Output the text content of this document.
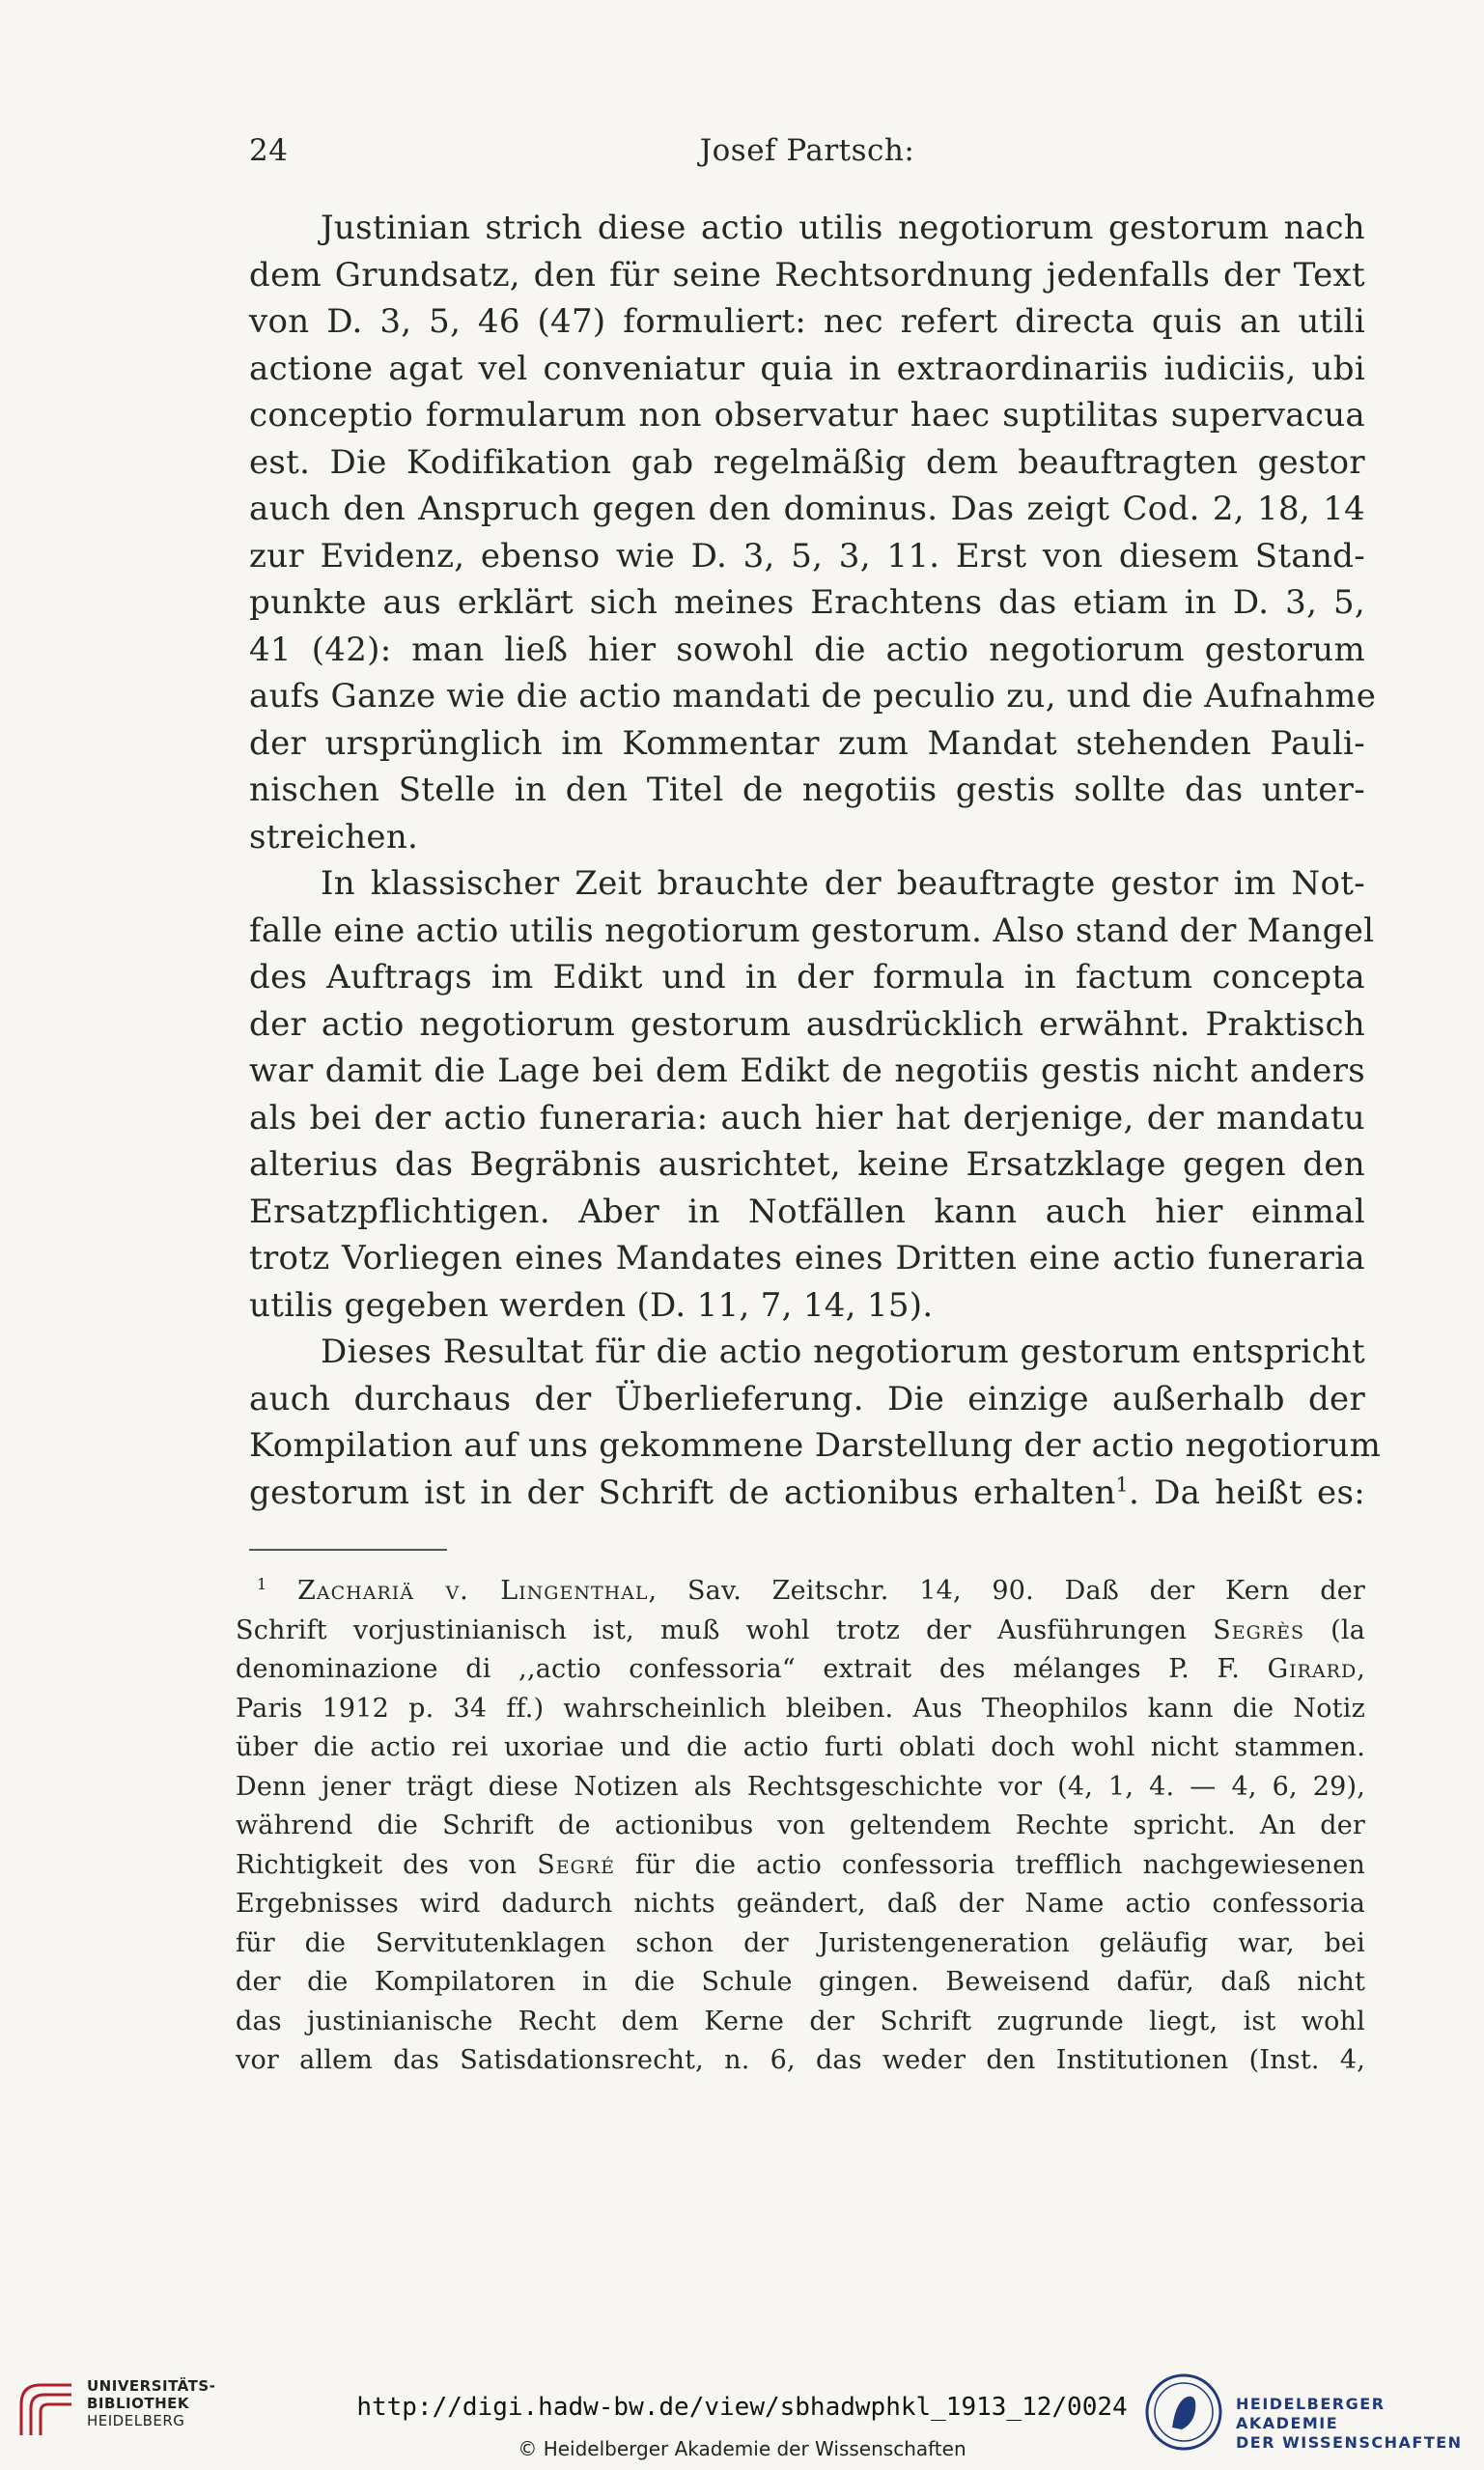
24	Josef Partsch:
Justinian strich diese actio utilis negotiorum gestorum nach
dem Grundsatz, den für seine Rechtsordnung jedenfalls der Text
von D. 3, 5, 46 (47) formuliert: nec refert directa quis an utili
actione agat vel conveniatur quia in extraordinariis iudiciis, ubi
conceptio formularum non observatur haec suptilitas supervacua
est. Die Kodifikation gab regelmäßig dem beauftragten gestor
auch den Anspruch gegen den dominus. Das zeigt Cod. 2, 18, 14
zur Evidenz, ebenso wie D. 3, 5, 3, 11. Erst von diesem Stand-
punkte aus erklärt sich meines Erachtens das etiam in D. 3, 5,
41 (42): man ließ hier sowohl die actio negotiorum gestorum
aufs Ganze wie die actio mandati de peculio zu, und die Aufnahme
der ursprünglich im Kommentar zum Mandat stehenden Pauli-
nischen Stelle in den Titel de negotiis gestis sollte das unter-
streichen.
In klassischer Zeit brauchte der beauftragte gestor im Not-
falle eine actio utilis negotiorum gestorum. Also stand der Mangel
des Auftrags im Edikt und in der formula in factum concepta
der actio negotiorum gestorum ausdrücklich erwähnt. Praktisch
war damit die Lage bei dem Edikt de negotiis gestis nicht anders
als bei der actio funeraria: auch hier hat derjenige, der mandatu
alterius das Begräbnis ausrichtet, keine Ersatzklage gegen den
Ersatzpflichtigen. Aber in Notfällen kann auch hier einmal
trotz Vorliegen eines Mandates eines Dritten eine actio funeraria
utilis gegeben werden (D. 11, 7, 14, 15).
Dieses Resultat für die actio negotiorum gestorum entspricht
auch durchaus der Überlieferung. Die einzige außerhalb der
Kompilation auf uns gekommene Darstellung der actio negotiorum
gestorum ist in der Schrift de actionibus erhalten$^1$. Da heißt es:
$^1$ Zachariä v. Lingenthal, Sav. Zeitschr. 14, 90. Daß der Kern der
Schrift vorjustinianisch ist, muß wohl trotz der Ausführungen Segrès (la
denominazione di ,,actio confessoria“ extrait des mélanges P. F. Girard,
Paris 1912 p. 34 ff.) wahrscheinlich bleiben. Aus Theophilos kann die Notiz
über die actio rei uxoriae und die actio furti oblati doch wohl nicht stammen.
Denn jener trägt diese Notizen als Rechtsgeschichte vor (4, 1, 4. — 4, 6, 29),
während die Schrift de actionibus von geltendem Rechte spricht. An der
Richtigkeit des von Segré für die actio confessoria trefflich nachgewiesenen
Ergebnisses wird dadurch nichts geändert, daß der Name actio confessoria
für die Servitutenklagen schon der Juristengeneration geläufig war, bei
der die Kompilatoren in die Schule gingen. Beweisend dafür, daß nicht
das justinianische Recht dem Kerne der Schrift zugrunde liegt, ist wohl
vor allem das Satisdationsrecht, n. 6, das weder den Institutionen (Inst. 4,
UNIVERSITÄTS-
BIBLIOTHEK
HEIDELBERG	http://digi.hadw-bw.de/view/sbhadwphkl_1913_12/0024
© Heidelberger Akademie der Wissenschaften
HEIDELBERGER AKADEMIE
DER WISSENSCHAFTEN
